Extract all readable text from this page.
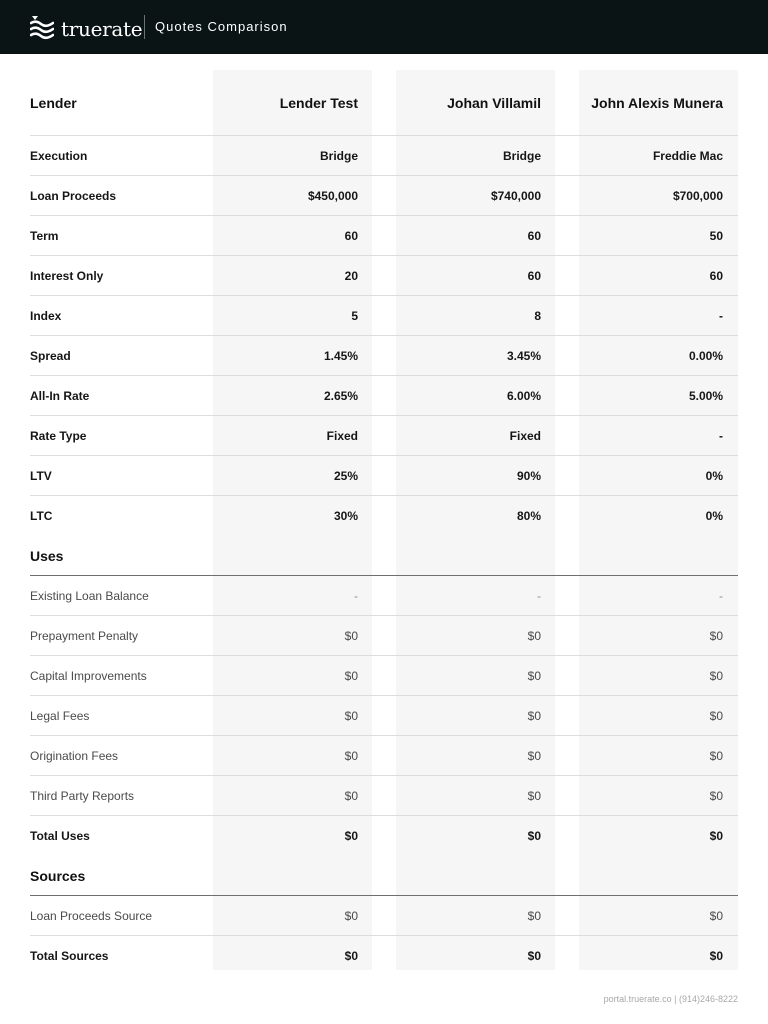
truerate Quotes Comparison
Lender	Lender Test	Johan Villamil	John Alexis Munera
Execution	Bridge	Bridge	Freddie Mac
Loan Proceeds	$450,000	$740,000	$700,000
Term	60	60	50
Interest Only	20	60	60
Index	5	8	-
Spread	1.45%	3.45%	0.00%
All-In Rate	2.65%	6.00%	5.00%
Rate Type	Fixed	Fixed	-
LTV	25%	90%	0%
LTC	30%	80%	0%
Uses
Existing Loan Balance	-	-	-
Prepayment Penalty	$0	$0	$0
Capital Improvements	$0	$0	$0
Legal Fees	$0	$0	$0
Origination Fees	$0	$0	$0
Third Party Reports	$0	$0	$0
Total Uses	$0	$0	$0
Sources
Loan Proceeds Source	$0	$0	$0
Total Sources	$0	$0	$0
portal.truerate.co | (914)246-8222
